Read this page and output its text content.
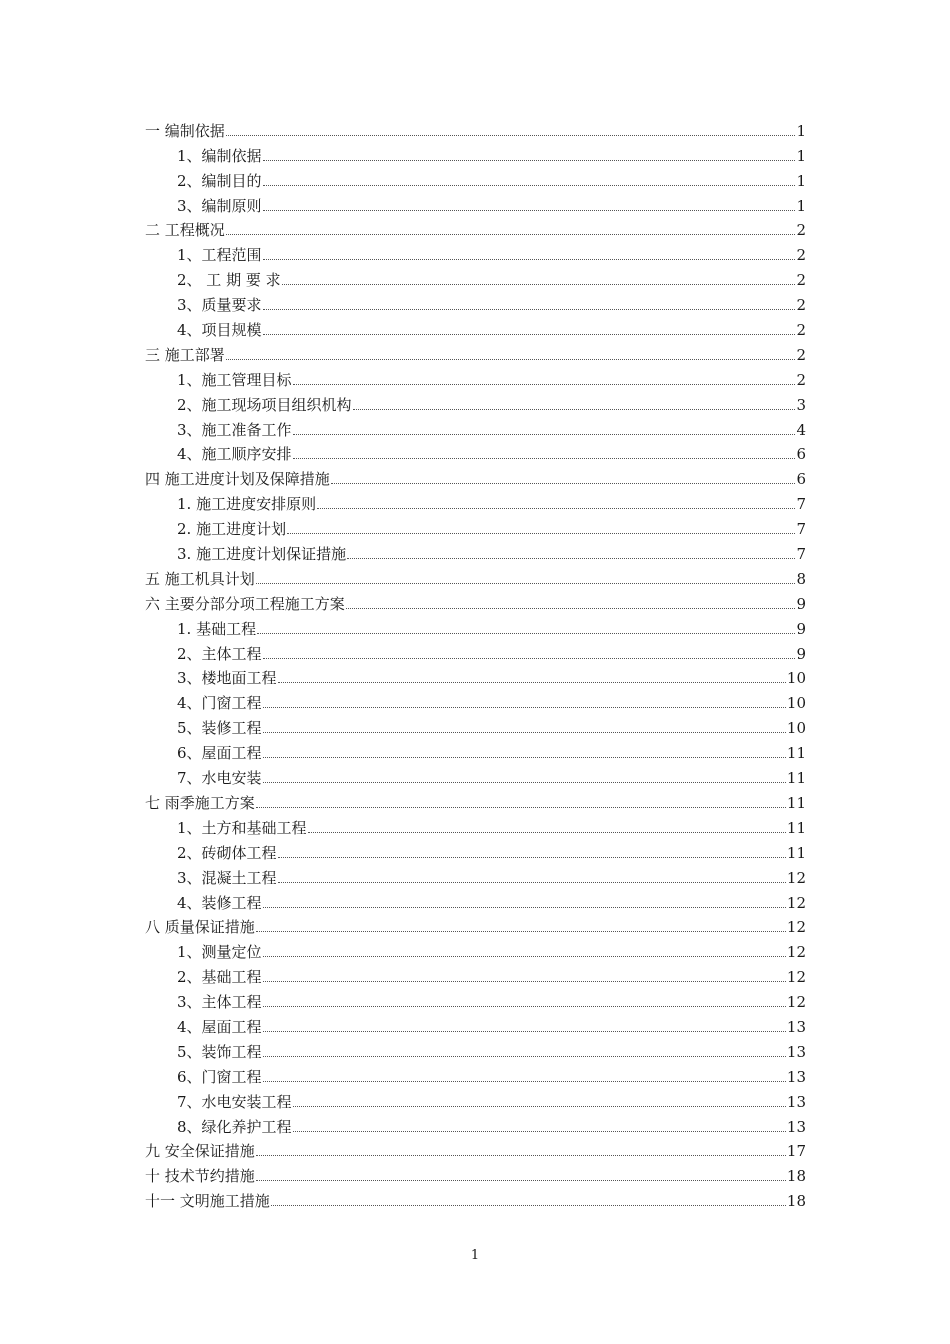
一 编制依据	1
1、编制依据	1
2、编制目的	1
3、编制原则	1
二 工程概况	2
1、工程范围	2
2、 工 期 要 求	2
3、质量要求	2
4、项目规模	2
三 施工部署	2
1、施工管理目标	2
2、施工现场项目组织机构	3
3、施工准备工作	4
4、施工顺序安排	6
四 施工进度计划及保障措施	6
1. 施工进度安排原则	7
2. 施工进度计划	7
3. 施工进度计划保证措施	7
五 施工机具计划	8
六 主要分部分项工程施工方案	9
1. 基础工程	9
2、主体工程	9
3、楼地面工程	10
4、门窗工程	10
5、装修工程	10
6、屋面工程	11
7、水电安装	11
七 雨季施工方案	11
1、土方和基础工程	11
2、砖砌体工程	11
3、混凝土工程	12
4、装修工程	12
八 质量保证措施	12
1、测量定位	12
2、基础工程	12
3、主体工程	12
4、屋面工程	13
5、装饰工程	13
6、门窗工程	13
7、水电安装工程	13
8、绿化养护工程	13
九 安全保证措施	17
十 技术节约措施	18
十一 文明施工措施	18
1
